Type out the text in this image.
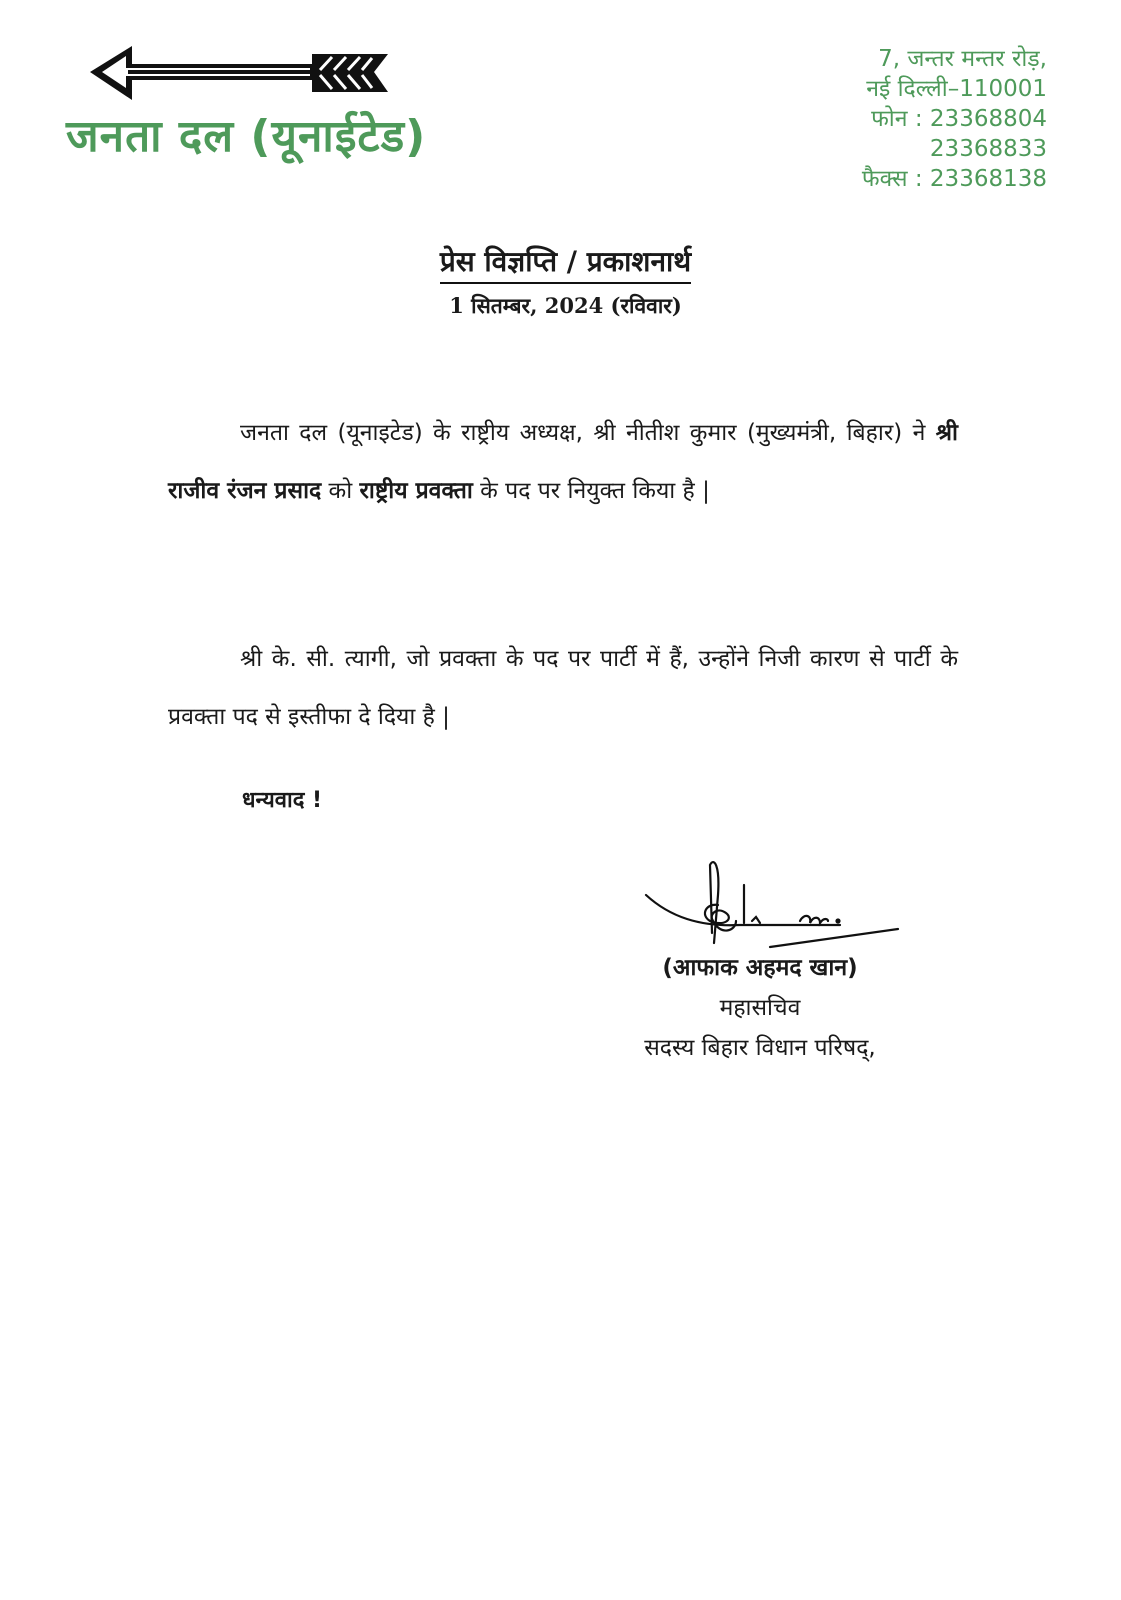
जनता दल (यूनाईटेड)
7, जन्तर मन्तर रोड़,
नई दिल्ली–110001
फोन : 23368804
23368833
फैक्स : 23368138
प्रेस विज्ञप्ति / प्रकाशनार्थ
1 सितम्बर, 2024 (रविवार)
जनता दल (यूनाइटेड) के राष्ट्रीय अध्यक्ष, श्री नीतीश कुमार (मुख्यमंत्री, बिहार) ने श्री राजीव रंजन प्रसाद को राष्ट्रीय प्रवक्ता के पद पर नियुक्त किया है |
श्री के. सी. त्यागी, जो प्रवक्ता के पद पर पार्टी में हैं, उन्होंने निजी कारण से पार्टी के प्रवक्ता पद से इस्तीफा दे दिया है |
धन्यवाद !
(आफाक अहमद खान)
महासचिव
सदस्य बिहार विधान परिषद्,
